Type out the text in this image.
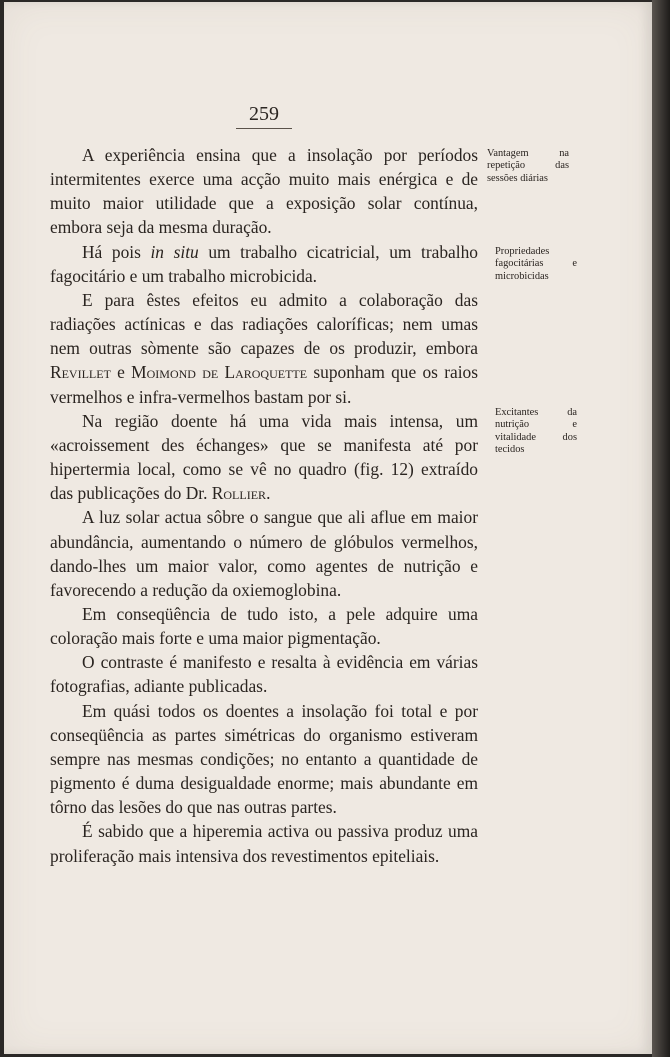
259

A experiência ensina que a insolação por períodos intermitentes exerce uma acção muito mais enérgica e de muito maior utilidade que a exposição solar contínua, embora seja da mesma duração.

Há pois in situ um trabalho cicatricial, um trabalho fagocitário e um trabalho microbicida.

E para êstes efeitos eu admito a colaboração das radiações actínicas e das radiações caloríficas; nem umas nem outras sòmente são capazes de os produzir, embora Revillet e Moimond de Laroquette suponham que os raios vermelhos e infra-vermelhos bastam por si.

Na região doente há uma vida mais intensa, um «acroissement des échanges» que se manifesta até por hipertermia local, como se vê no quadro (fig. 12) extraído das publicações do Dr. Rollier.

A luz solar actua sôbre o sangue que ali aflue em maior abundância, aumentando o número de glóbulos vermelhos, dando-lhes um maior valor, como agentes de nutrição e favorecendo a redução da oxiemoglobina.

Em conseqüência de tudo isto, a pele adquire uma coloração mais forte e uma maior pigmentação.

O contraste é manifesto e resalta à evidência em várias fotografias, adiante publicadas.

Em quási todos os doentes a insolação foi total e por conseqüência as partes simétricas do organismo estiveram sempre nas mesmas condições; no entanto a quantidade de pigmento é duma desigualdade enorme; mais abundante em tôrno das lesões do que nas outras partes.

É sabido que a hiperemia activa ou passiva produz uma proliferação mais intensiva dos revestimentos epiteliais.

Vantagem na repetição das sessões diárias
Propriedades fagocitárias e microbicidas
Excitantes da nutrição e vitalidade dos tecidos
